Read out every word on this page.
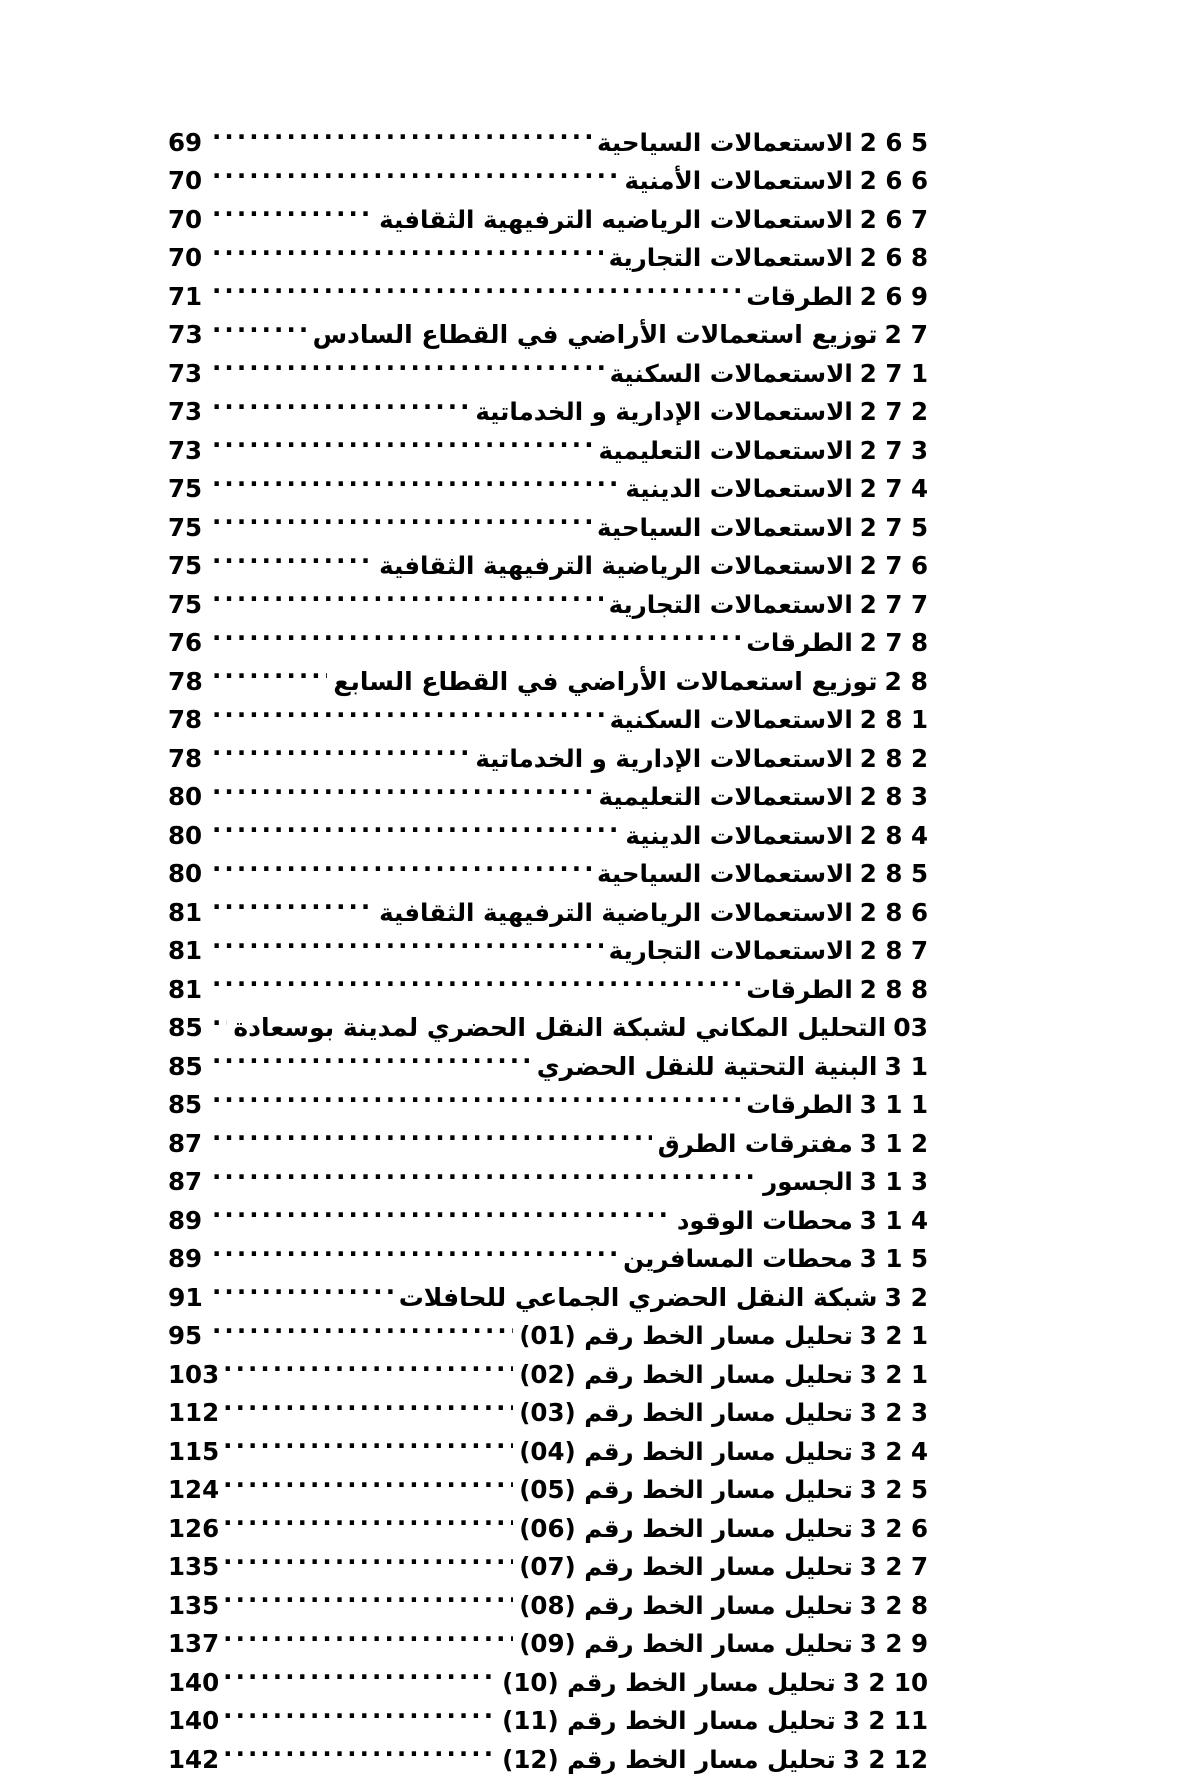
2 6 5
الاستعمالات السياحية
.....
69
2 6 6
الاستعمالات الأمنية
.....
70
2 6 7
الاستعمالات الرياضيه الترفيهية الثقافية
.....
70
2 6 8
الاستعمالات التجارية
.....
70
2 6 9
الطرقات
.....
71
2 7
توزيع استعمالات الأراضي في القطاع السادس
.....
73
2 7 1
الاستعمالات السكنية
.....
73
2 7 2
الاستعمالات الإدارية و الخدماتية
.....
73
2 7 3
الاستعمالات التعليمية
.....
73
2 7 4
الاستعمالات الدينية
.....
75
2 7 5
الاستعمالات السياحية
.....
75
2 7 6
الاستعمالات الرياضية الترفيهية الثقافية
.....
75
2 7 7
الاستعمالات التجارية
.....
75
2 7 8
الطرقات
.....
76
2 8
توزيع استعمالات الأراضي في القطاع السابع
.....
78
2 8 1
الاستعمالات السكنية
.....
78
2 8 2
الاستعمالات الإدارية و الخدماتية
.....
78
2 8 3
الاستعمالات التعليمية
.....
80
2 8 4
الاستعمالات الدينية
.....
80
2 8 5
الاستعمالات السياحية
.....
80
2 8 6
الاستعمالات الرياضية الترفيهية الثقافية
.....
81
2 8 7
الاستعمالات التجارية
.....
81
2 8 8
الطرقات
.....
81
03
التحليل المكاني لشبكة النقل الحضري لمدينة بوسعادة
.....
85
3 1
البنية التحتية للنقل الحضري
.....
85
3 1 1
الطرقات
.....
85
3 1 2
مفترقات الطرق
.....
87
3 1 3
الجسور
.....
87
3 1 4
محطات الوقود
.....
89
3 1 5
محطات المسافرين
.....
89
3 2
شبكة النقل الحضري الجماعي للحافلات
.....
91
3 2 1
تحليل مسار الخط رقم (01)
.....
95
3 2 1
تحليل مسار الخط رقم (02)
.....
103
3 2 3
تحليل مسار الخط رقم (03)
.....
112
3 2 4
تحليل مسار الخط رقم (04)
.....
115
3 2 5
تحليل مسار الخط رقم (05)
.....
124
3 2 6
تحليل مسار الخط رقم (06)
.....
126
3 2 7
تحليل مسار الخط رقم (07)
.....
135
3 2 8
تحليل مسار الخط رقم (08)
.....
135
3 2 9
تحليل مسار الخط رقم (09)
.....
137
3 2 10
تحليل مسار الخط رقم (10)
.....
140
3 2 11
تحليل مسار الخط رقم (11)
.....
140
3 2 12
تحليل مسار الخط رقم (12)
.....
142
